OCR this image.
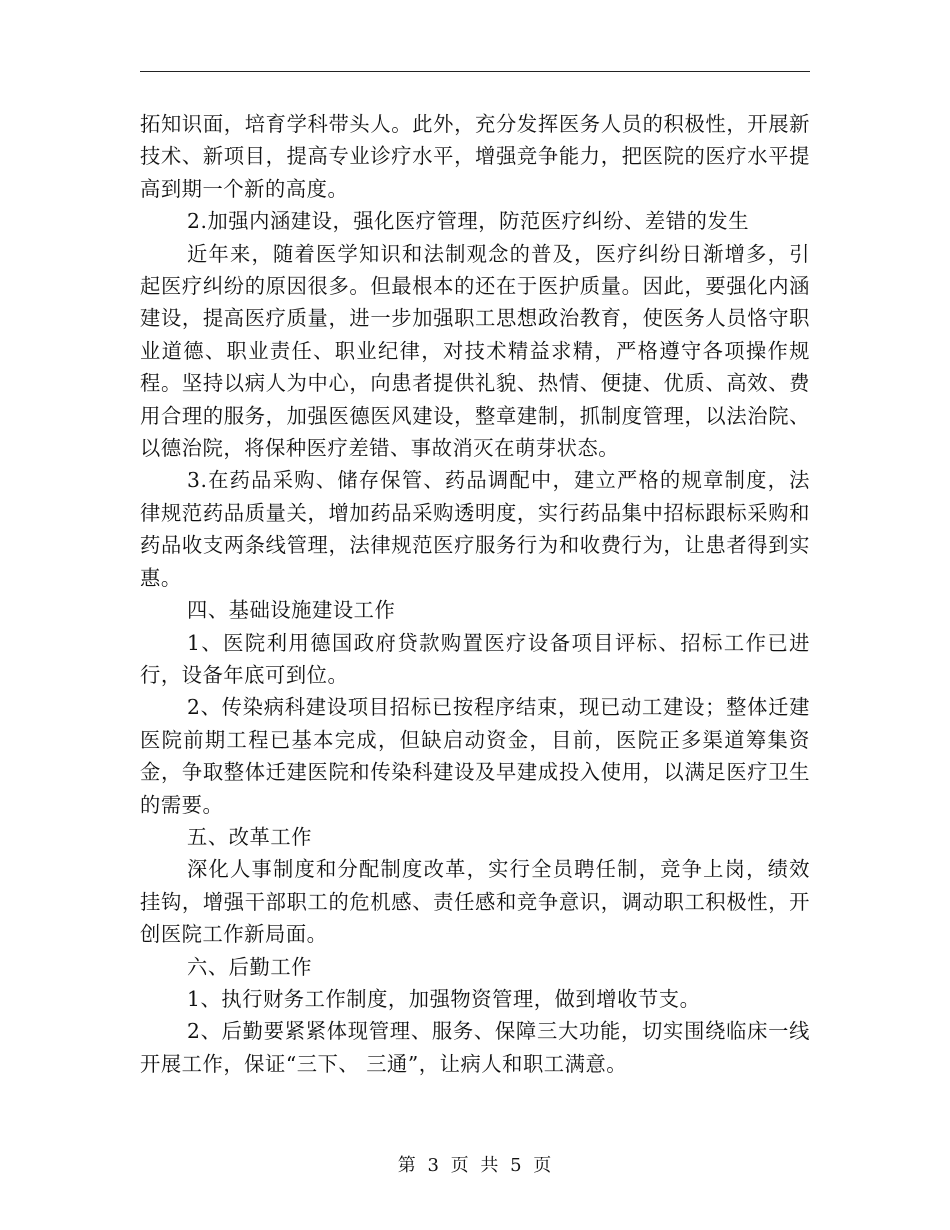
拓知识面，培育学科带头人。此外，充分发挥医务人员的积极性，开展新技术、新项目，提高专业诊疗水平，增强竞争能力，把医院的医疗水平提高到期一个新的高度。

2.加强内涵建设，强化医疗管理，防范医疗纠纷、差错的发生

近年来，随着医学知识和法制观念的普及，医疗纠纷日渐增多，引起医疗纠纷的原因很多。但最根本的还在于医护质量。因此，要强化内涵建设，提高医疗质量，进一步加强职工思想政治教育，使医务人员恪守职业道德、职业责任、职业纪律，对技术精益求精，严格遵守各项操作规程。坚持以病人为中心，向患者提供礼貌、热情、便捷、优质、高效、费用合理的服务，加强医德医风建设，整章建制，抓制度管理，以法治院、以德治院，将保种医疗差错、事故消灭在萌芽状态。

3.在药品采购、储存保管、药品调配中，建立严格的规章制度，法律规范药品质量关，增加药品采购透明度，实行药品集中招标跟标采购和药品收支两条线管理，法律规范医疗服务行为和收费行为，让患者得到实惠。

四、基础设施建设工作

1、医院利用德国政府贷款购置医疗设备项目评标、招标工作已进行，设备年底可到位。

2、传染病科建设项目招标已按程序结束，现已动工建设；整体迁建医院前期工程已基本完成，但缺启动资金，目前，医院正多渠道筹集资金，争取整体迁建医院和传染科建设及早建成投入使用，以满足医疗卫生的需要。

五、改革工作

深化人事制度和分配制度改革，实行全员聘任制，竞争上岗，绩效挂钩，增强干部职工的危机感、责任感和竞争意识，调动职工积极性，开创医院工作新局面。

六、后勤工作

1、执行财务工作制度，加强物资管理，做到增收节支。

2、后勤要紧紧体现管理、服务、保障三大功能，切实围绕临床一线开展工作，保证“三下、 三通”，让病人和职工满意。

第 3 页 共 5 页
